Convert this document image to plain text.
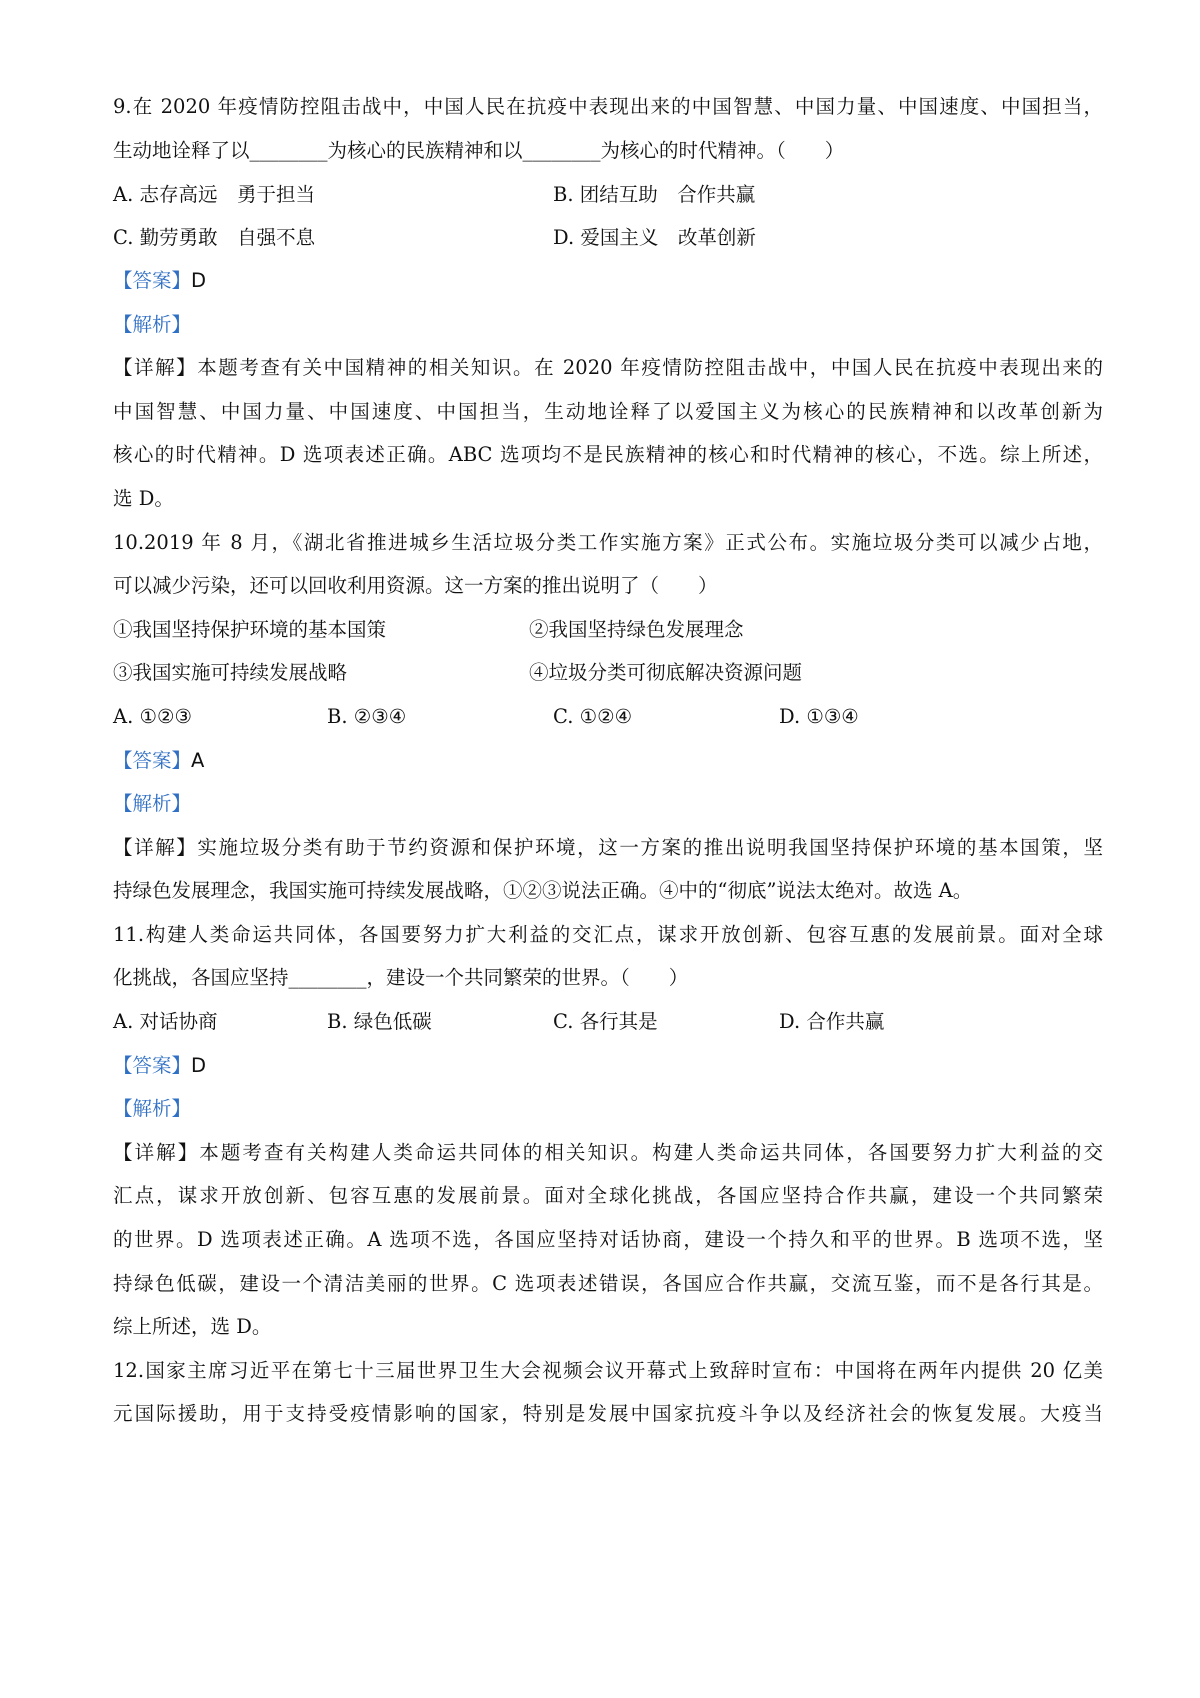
9.在 2020 年疫情防控阻击战中，中国人民在抗疫中表现出来的中国智慧、中国力量、中国速度、中国担当，
生动地诠释了以________为核心的民族精神和以________为核心的时代精神。（　　）
A. 志存高远　勇于担当	B. 团结互助　合作共赢
C. 勤劳勇敢　自强不息	D. 爱国主义　改革创新
【答案】D
【解析】
【详解】本题考查有关中国精神的相关知识。在 2020 年疫情防控阻击战中，中国人民在抗疫中表现出来的
中国智慧、中国力量、中国速度、中国担当，生动地诠释了以爱国主义为核心的民族精神和以改革创新为
核心的时代精神。D 选项表述正确。ABC 选项均不是民族精神的核心和时代精神的核心，不选。综上所述，
选 D。
10.2019 年 8 月，《湖北省推进城乡生活垃圾分类工作实施方案》正式公布。实施垃圾分类可以减少占地，
可以减少污染，还可以回收利用资源。这一方案的推出说明了（　　）
①我国坚持保护环境的基本国策	②我国坚持绿色发展理念
③我国实施可持续发展战略	④垃圾分类可彻底解决资源问题
A. ①②③	B. ②③④	C. ①②④	D. ①③④
【答案】A
【解析】
【详解】实施垃圾分类有助于节约资源和保护环境，这一方案的推出说明我国坚持保护环境的基本国策，坚
持绿色发展理念，我国实施可持续发展战略，①②③说法正确。④中的“彻底”说法太绝对。故选 A。
11.构建人类命运共同体，各国要努力扩大利益的交汇点，谋求开放创新、包容互惠的发展前景。面对全球
化挑战，各国应坚持________，建设一个共同繁荣的世界。（　　）
A. 对话协商	B. 绿色低碳	C. 各行其是	D. 合作共赢
【答案】D
【解析】
【详解】本题考查有关构建人类命运共同体的相关知识。构建人类命运共同体，各国要努力扩大利益的交
汇点，谋求开放创新、包容互惠的发展前景。面对全球化挑战，各国应坚持合作共赢，建设一个共同繁荣
的世界。D 选项表述正确。A 选项不选，各国应坚持对话协商，建设一个持久和平的世界。B 选项不选，坚
持绿色低碳，建设一个清洁美丽的世界。C 选项表述错误，各国应合作共赢，交流互鉴，而不是各行其是。
综上所述，选 D。
12.国家主席习近平在第七十三届世界卫生大会视频会议开幕式上致辞时宣布：中国将在两年内提供 20 亿美
元国际援助，用于支持受疫情影响的国家，特别是发展中国家抗疫斗争以及经济社会的恢复发展。大疫当
